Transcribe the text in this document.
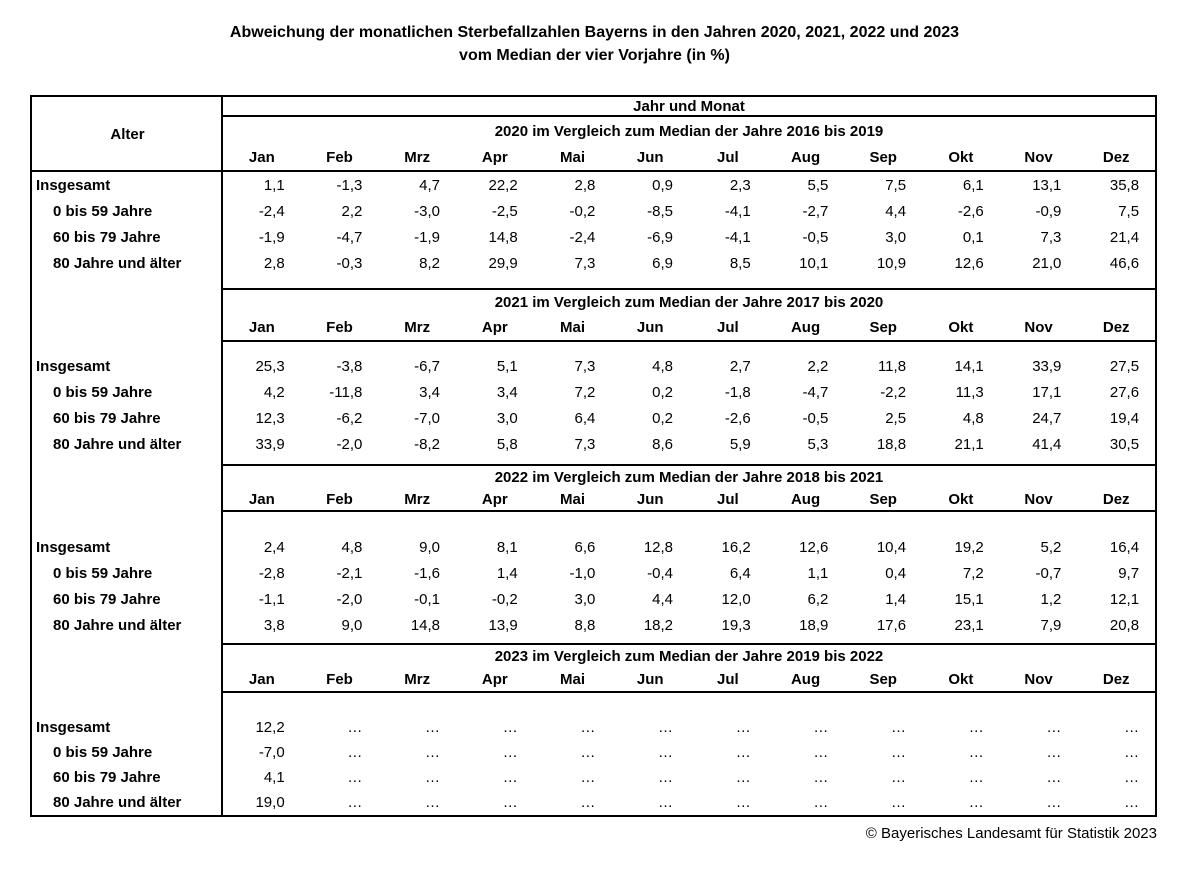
Abweichung der monatlichen Sterbefallzahlen Bayerns in den Jahren 2020, 2021, 2022 und 2023
vom Median der vier Vorjahre (in %)
Alter
Jahr und Monat
2020 im Vergleich zum Median der Jahre 2016 bis 2019
Jan	Feb	Mrz	Apr	Mai	Jun	Jul	Aug	Sep	Okt	Nov	Dez
Insgesamt	1,1	-1,3	4,7	22,2	2,8	0,9	2,3	5,5	7,5	6,1	13,1	35,8
0 bis 59 Jahre	-2,4	2,2	-3,0	-2,5	-0,2	-8,5	-4,1	-2,7	4,4	-2,6	-0,9	7,5
60 bis 79 Jahre	-1,9	-4,7	-1,9	14,8	-2,4	-6,9	-4,1	-0,5	3,0	0,1	7,3	21,4
80 Jahre und älter	2,8	-0,3	8,2	29,9	7,3	6,9	8,5	10,1	10,9	12,6	21,0	46,6
2021 im Vergleich zum Median der Jahre 2017 bis 2020
Jan	Feb	Mrz	Apr	Mai	Jun	Jul	Aug	Sep	Okt	Nov	Dez
Insgesamt	25,3	-3,8	-6,7	5,1	7,3	4,8	2,7	2,2	11,8	14,1	33,9	27,5
0 bis 59 Jahre	4,2	-11,8	3,4	3,4	7,2	0,2	-1,8	-4,7	-2,2	11,3	17,1	27,6
60 bis 79 Jahre	12,3	-6,2	-7,0	3,0	6,4	0,2	-2,6	-0,5	2,5	4,8	24,7	19,4
80 Jahre und älter	33,9	-2,0	-8,2	5,8	7,3	8,6	5,9	5,3	18,8	21,1	41,4	30,5
2022 im Vergleich zum Median der Jahre 2018 bis 2021
Jan	Feb	Mrz	Apr	Mai	Jun	Jul	Aug	Sep	Okt	Nov	Dez
Insgesamt	2,4	4,8	9,0	8,1	6,6	12,8	16,2	12,6	10,4	19,2	5,2	16,4
0 bis 59 Jahre	-2,8	-2,1	-1,6	1,4	-1,0	-0,4	6,4	1,1	0,4	7,2	-0,7	9,7
60 bis 79 Jahre	-1,1	-2,0	-0,1	-0,2	3,0	4,4	12,0	6,2	1,4	15,1	1,2	12,1
80 Jahre und älter	3,8	9,0	14,8	13,9	8,8	18,2	19,3	18,9	17,6	23,1	7,9	20,8
2023 im Vergleich zum Median der Jahre 2019 bis 2022
Jan	Feb	Mrz	Apr	Mai	Jun	Jul	Aug	Sep	Okt	Nov	Dez
Insgesamt	12,2	…	…	…	…	…	…	…	…	…	…	…
0 bis 59 Jahre	-7,0	…	…	…	…	…	…	…	…	…	…	…
60 bis 79 Jahre	4,1	…	…	…	…	…	…	…	…	…	…	…
80 Jahre und älter	19,0	…	…	…	…	…	…	…	…	…	…	…
© Bayerisches Landesamt für Statistik 2023
